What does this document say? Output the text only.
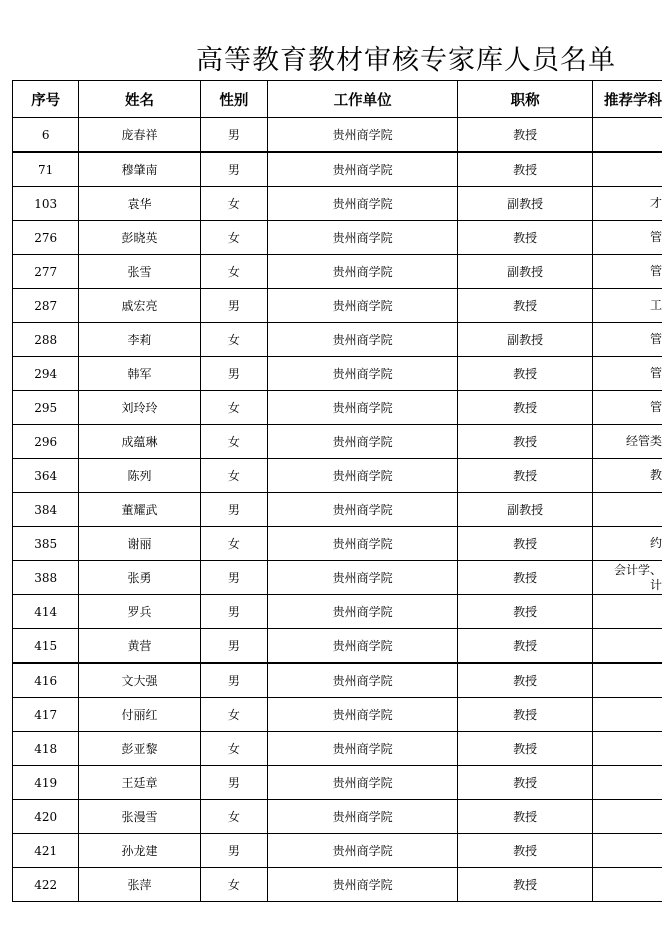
高等教育教材审核专家库人员名单
序号	姓名	性别	工作单位	职称	推荐学科
6	庞春祥	男	贵州商学院	教授	
71	穆肇南	男	贵州商学院	教授	
103	袁华	女	贵州商学院	副教授	才
276	彭晓英	女	贵州商学院	教授	管
277	张雪	女	贵州商学院	副教授	管
287	戚宏亮	男	贵州商学院	教授	工
288	李莉	女	贵州商学院	副教授	管
294	韩军	男	贵州商学院	教授	管
295	刘玲玲	女	贵州商学院	教授	管
296	成蕴琳	女	贵州商学院	教授	经管类
364	陈列	女	贵州商学院	教授	教
384	董耀武	男	贵州商学院	副教授	
385	谢丽	女	贵州商学院	教授	约
388	张勇	男	贵州商学院	教授	会计学、
计
414	罗兵	男	贵州商学院	教授	
415	黄营	男	贵州商学院	教授	
416	文大强	男	贵州商学院	教授	
417	付丽红	女	贵州商学院	教授	
418	彭亚黎	女	贵州商学院	教授	
419	王廷章	男	贵州商学院	教授	
420	张漫雪	女	贵州商学院	教授	
421	孙龙建	男	贵州商学院	教授	
422	张萍	女	贵州商学院	教授	
